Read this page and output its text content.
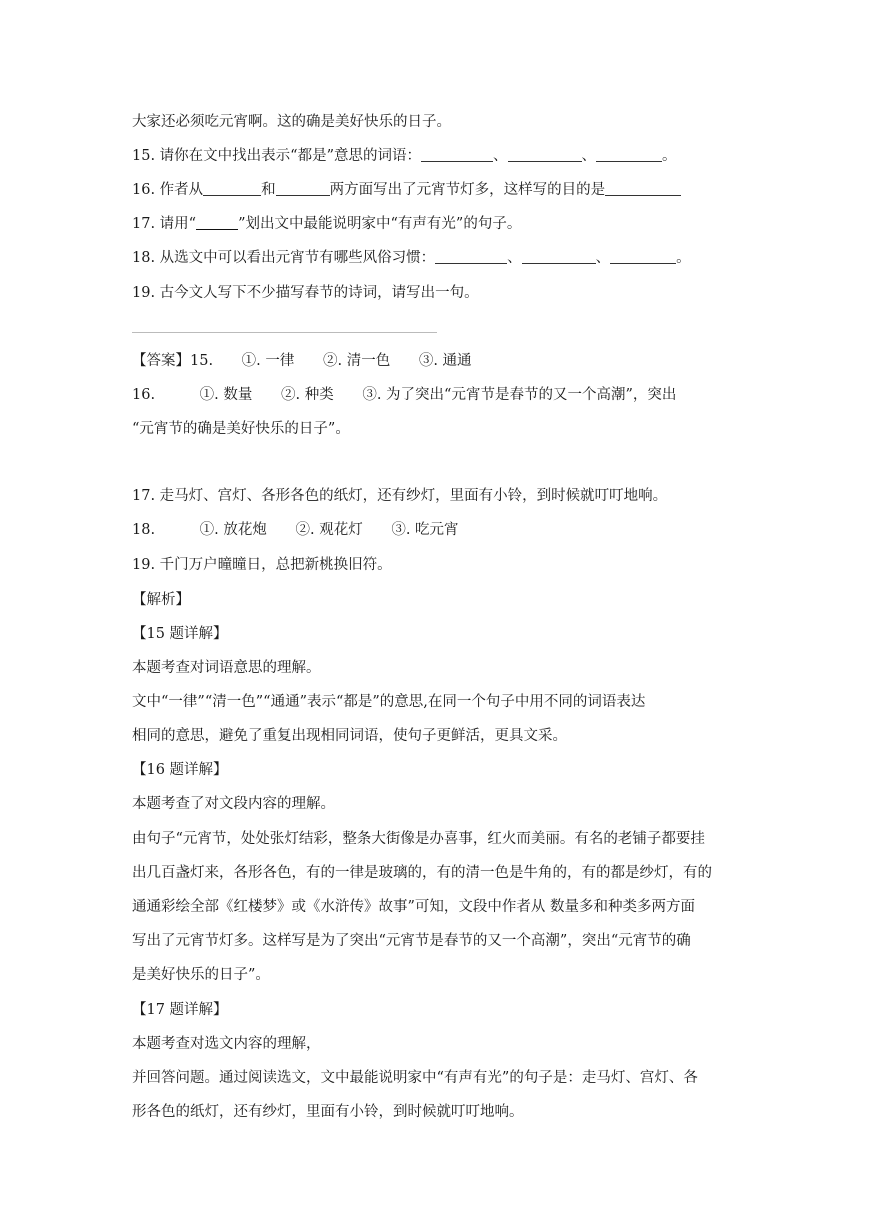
大家还必须吃元宵啊。这的确是美好快乐的日子。
15. 请你在文中找出表示“都是”意思的词语：	、	、	。
16. 作者从	和	两方面写出了元宵节灯多，这样写的目的是
17. 请用“	”划出文中最能说明家中“有声有光”的句子。
18. 从选文中可以看出元宵节有哪些风俗习惯：	、	、	。
19. 古今文人写下不少描写春节的诗词，请写出一句。
【答案】15. ①. 一律 ②. 清一色 ③. 通通
16.	①. 数量 ②. 种类 ③. 为了突出“元宵节是春节的又一个高潮”，突出
“元宵节的确是美好快乐的日子”。
17. 走马灯、宫灯、各形各色的纸灯，还有纱灯，里面有小铃，到时候就叮叮地响。
18.	①. 放花炮 ②. 观花灯 ③. 吃元宵
19. 千门万户曈曈日，总把新桃换旧符。
【解析】
【15 题详解】
本题考查对词语意思的理解。
文中“一律”“清一色”“通通”表示“都是”的意思,在同一个句子中用不同的词语表达
相同的意思，避免了重复出现相同词语，使句子更鲜活，更具文采。
【16 题详解】
本题考查了对文段内容的理解。
由句子“元宵节，处处张灯结彩，整条大街像是办喜事，红火而美丽。有名的老铺子都要挂
出几百盏灯来，各形各色，有的一律是玻璃的，有的清一色是牛角的，有的都是纱灯，有的
通通彩绘全部《红楼梦》或《水浒传》故事”可知，文段中作者从 数量多和种类多两方面
写出了元宵节灯多。这样写是为了突出“元宵节是春节的又一个高潮”，突出“元宵节的确
是美好快乐的日子”。
【17 题详解】
本题考查对选文内容的理解，
并回答问题。通过阅读选文，文中最能说明家中“有声有光”的句子是：走马灯、宫灯、各
形各色的纸灯，还有纱灯，里面有小铃，到时候就叮叮地响。
